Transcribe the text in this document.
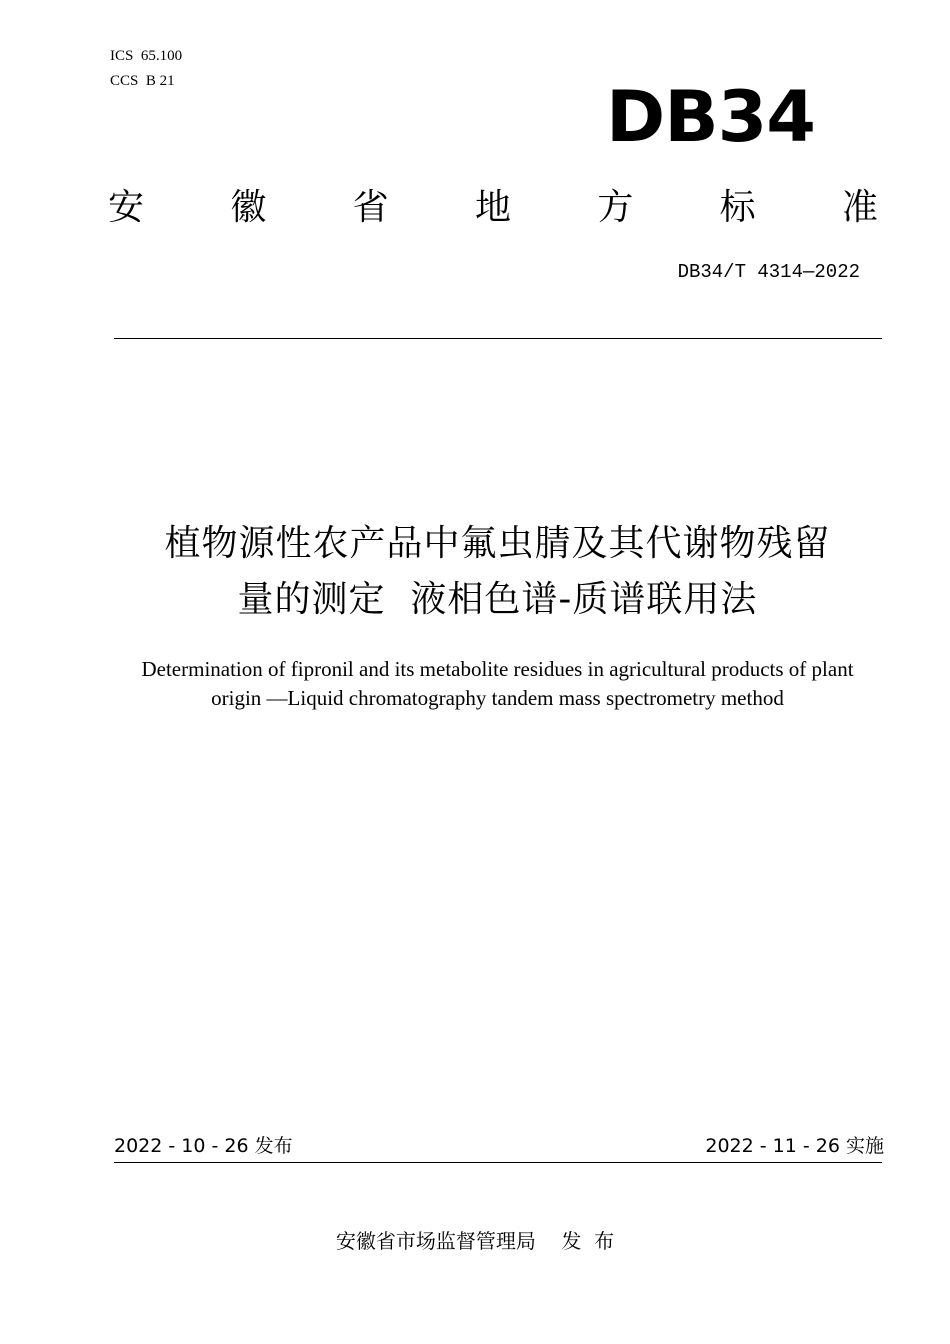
ICS  65.100
CCS  B 21	DB34
安 徽 省 地 方 标 准
DB34/T 4314—2022
植物源性农产品中氟虫腈及其代谢物残留
量的测定  液相色谱-质谱联用法
Determination of fipronil and its metabolite residues in agricultural products of plant
origin —Liquid chromatography tandem mass spectrometry method
2022 - 10 - 26 发布	2022 - 11 - 26 实施
安徽省市场监督管理局    发  布
